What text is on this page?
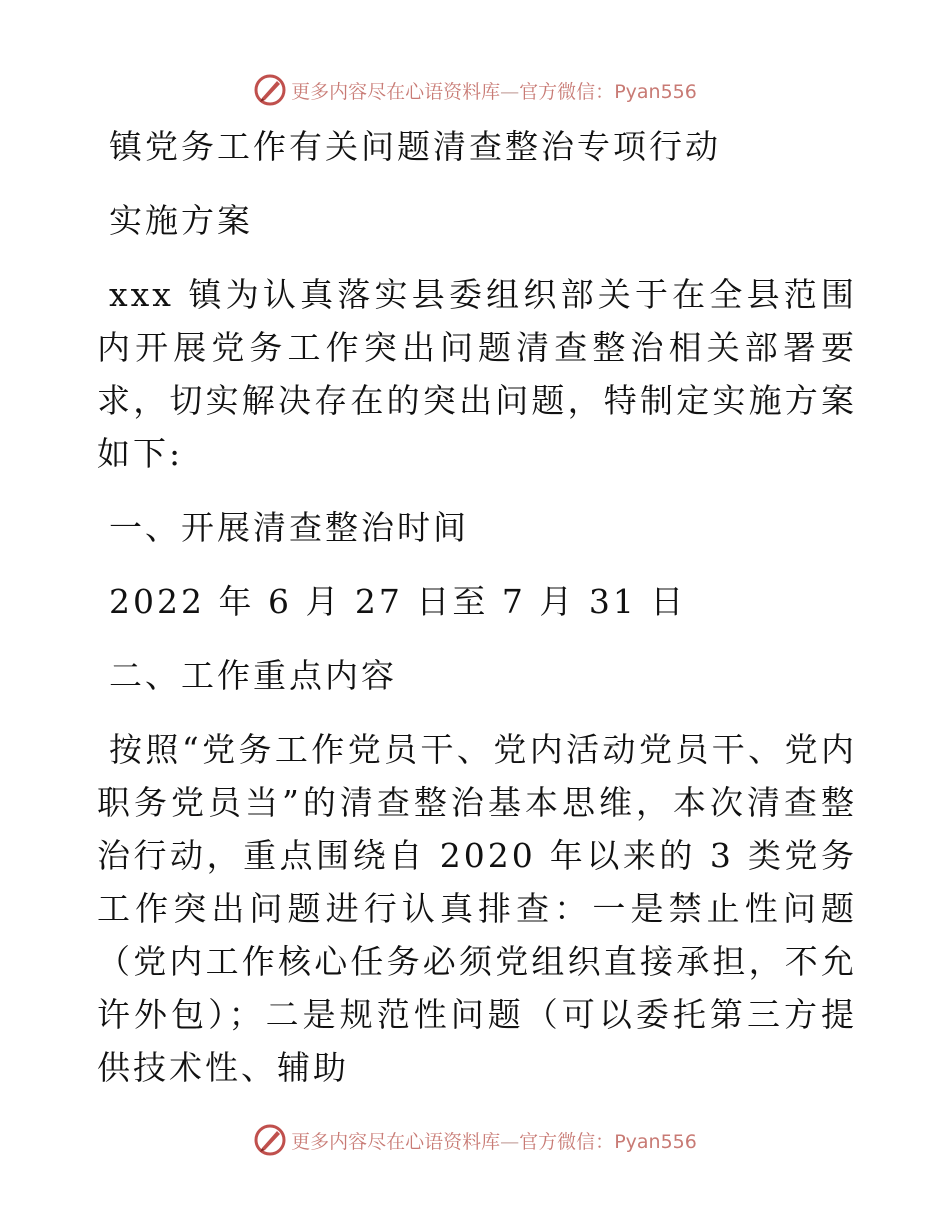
更多内容尽在心语资料库—官方微信：Pyan556

镇党务工作有关问题清查整治专项行动

实施方案

xxx 镇为认真落实县委组织部关于在全县范围内开展党务工作突出问题清查整治相关部署要求，切实解决存在的突出问题，特制定实施方案如下:

一、开展清查整治时间

2022 年 6 月 27 日至 7 月 31 日

二、工作重点内容

按照“党务工作党员干、党内活动党员干、党内职务党员当”的清查整治基本思维，本次清查整治行动，重点围绕自 2020 年以来的 3 类党务工作突出问题进行认真排查：一是禁止性问题（党内工作核心任务必须党组织直接承担，不允许外包）；二是规范性问题（可以委托第三方提供技术性、辅助

更多内容尽在心语资料库—官方微信：Pyan556
